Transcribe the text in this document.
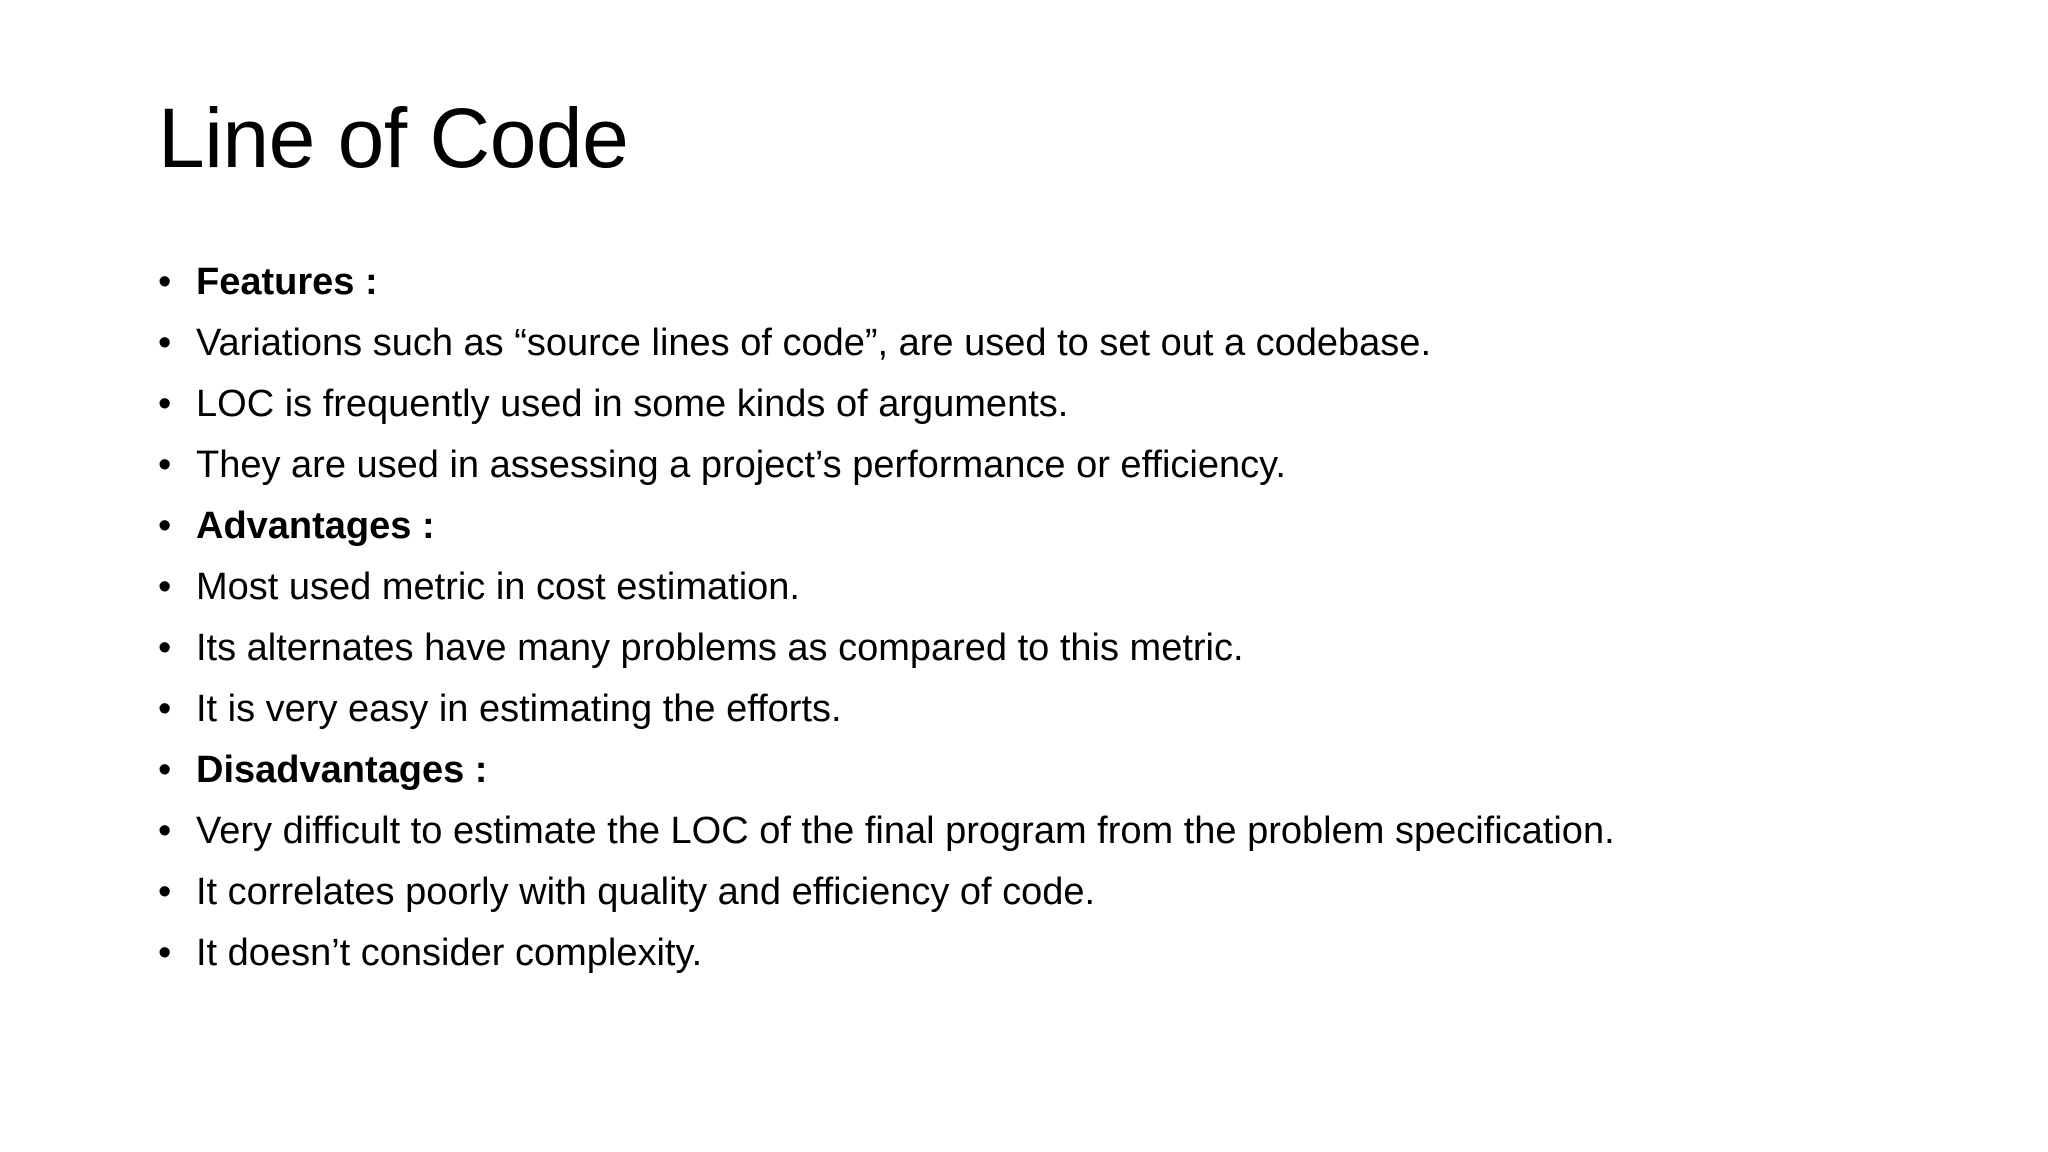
Line of Code
• Features :
• Variations such as “source lines of code”, are used to set out a codebase.
• LOC is frequently used in some kinds of arguments.
• They are used in assessing a project’s performance or efficiency.
• Advantages :
• Most used metric in cost estimation.
• Its alternates have many problems as compared to this metric.
• It is very easy in estimating the efforts.
• Disadvantages :
• Very difficult to estimate the LOC of the final program from the problem specification.
• It correlates poorly with quality and efficiency of code.
• It doesn’t consider complexity.
